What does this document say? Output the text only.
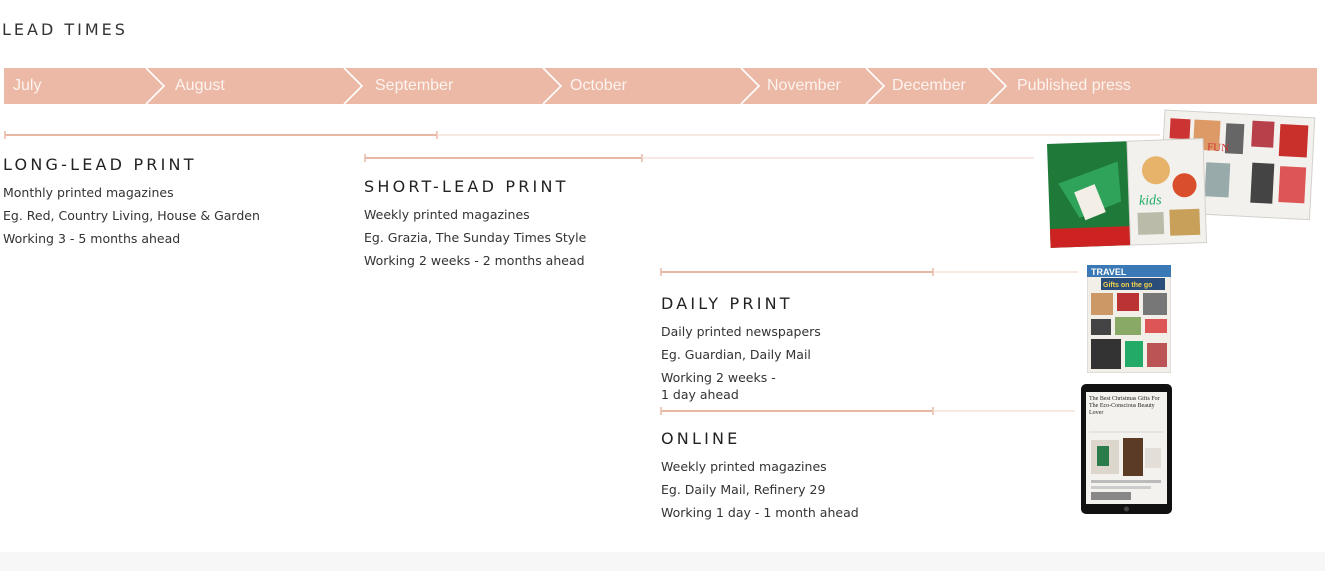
LEAD TIMES
July	August	September	October	November	December	Published press
LONG-LEAD PRINT
Monthly printed magazines
Eg. Red, Country Living, House & Garden
Working 3 - 5 months ahead
SHORT-LEAD PRINT
Weekly printed magazines
Eg. Grazia, The Sunday Times Style
Working 2 weeks - 2 months ahead
DAILY PRINT
Daily printed newspapers
Eg. Guardian, Daily Mail
Working 2 weeks -
1 day ahead
ONLINE
Weekly printed magazines
Eg. Daily Mail, Refinery 29
Working 1 day - 1 month ahead
FUN
kids
TRAVEL
Gifts on the go
The Best Christmas Gifts For The Eco-Conscious Beauty Lover
